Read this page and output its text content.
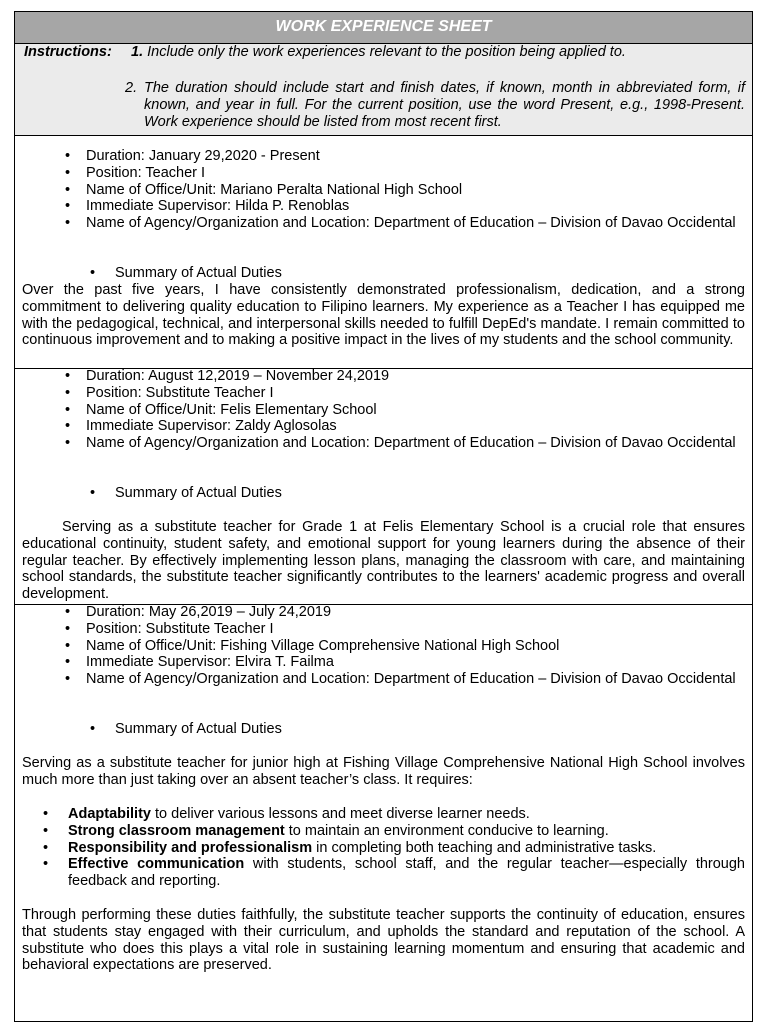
WORK EXPERIENCE SHEET
Instructions: 1. Include only the work experiences relevant to the position being applied to.
2. The duration should include start and finish dates, if known, month in abbreviated form, if known, and year in full. For the current position, use the word Present, e.g., 1998-Present. Work experience should be listed from most recent first.
• Duration: January 29,2020 - Present
• Position: Teacher I
• Name of Office/Unit: Mariano Peralta National High School
• Immediate Supervisor: Hilda P. Renoblas
• Name of Agency/Organization and Location: Department of Education – Division of Davao Occidental
• Summary of Actual Duties
Over the past five years, I have consistently demonstrated professionalism, dedication, and a strong commitment to delivering quality education to Filipino learners. My experience as a Teacher I has equipped me with the pedagogical, technical, and interpersonal skills needed to fulfill DepEd's mandate. I remain committed to continuous improvement and to making a positive impact in the lives of my students and the school community.
• Duration: August 12,2019 – November 24,2019
• Position: Substitute Teacher I
• Name of Office/Unit: Felis Elementary School
• Immediate Supervisor: Zaldy Aglosolas
• Name of Agency/Organization and Location: Department of Education – Division of Davao Occidental
• Summary of Actual Duties
Serving as a substitute teacher for Grade 1 at Felis Elementary School is a crucial role that ensures educational continuity, student safety, and emotional support for young learners during the absence of their regular teacher. By effectively implementing lesson plans, managing the classroom with care, and maintaining school standards, the substitute teacher significantly contributes to the learners' academic progress and overall development.
• Duration: May 26,2019 – July 24,2019
• Position: Substitute Teacher I
• Name of Office/Unit: Fishing Village Comprehensive National High School
• Immediate Supervisor: Elvira T. Failma
• Name of Agency/Organization and Location: Department of Education – Division of Davao Occidental
• Summary of Actual Duties
Serving as a substitute teacher for junior high at Fishing Village Comprehensive National High School involves much more than just taking over an absent teacher’s class. It requires:
• Adaptability to deliver various lessons and meet diverse learner needs.
• Strong classroom management to maintain an environment conducive to learning.
• Responsibility and professionalism in completing both teaching and administrative tasks.
• Effective communication with students, school staff, and the regular teacher—especially through feedback and reporting.
Through performing these duties faithfully, the substitute teacher supports the continuity of education, ensures that students stay engaged with their curriculum, and upholds the standard and reputation of the school. A substitute who does this plays a vital role in sustaining learning momentum and ensuring that academic and behavioral expectations are preserved.
